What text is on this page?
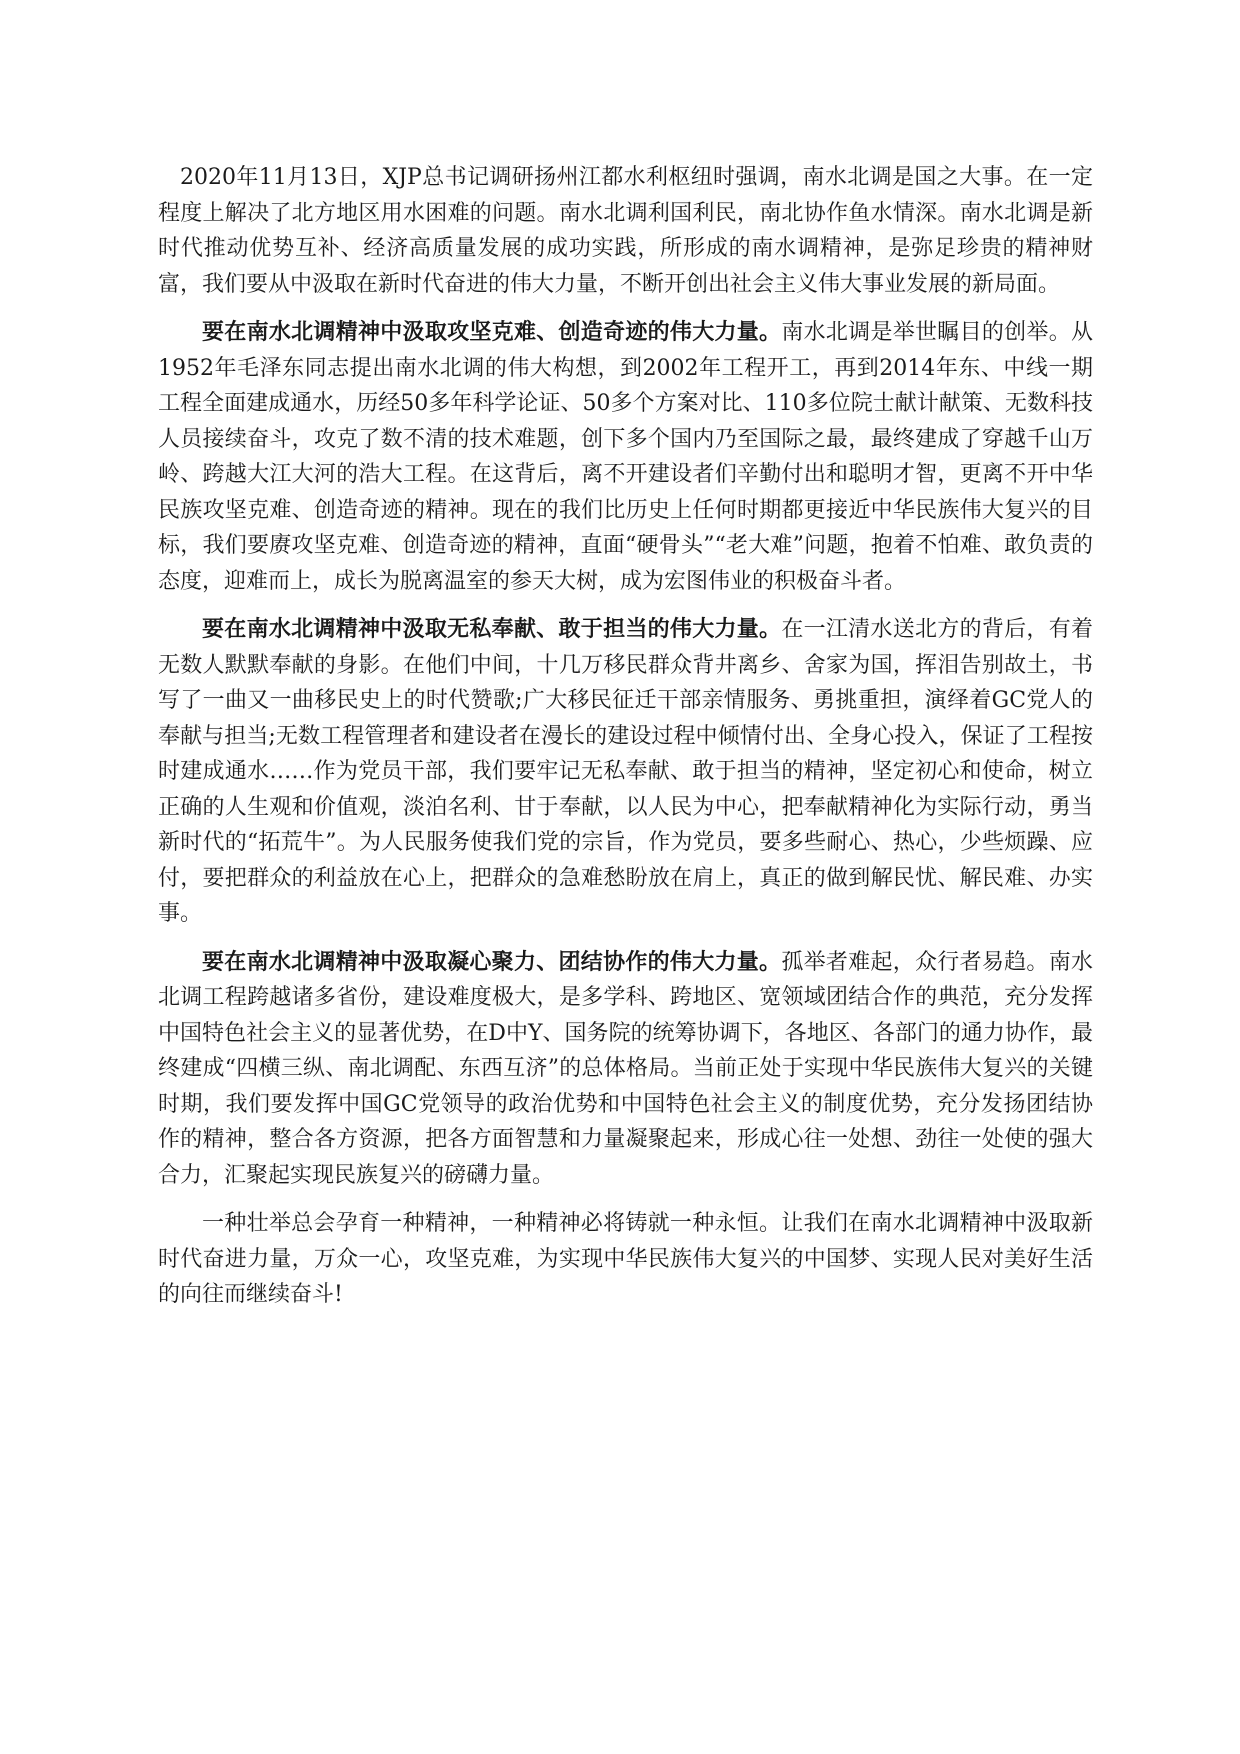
2020年11月13日，XJP总书记调研扬州江都水利枢纽时强调，南水北调是国之大事。在一定程度上解决了北方地区用水困难的问题。南水北调利国利民，南北协作鱼水情深。南水北调是新时代推动优势互补、经济高质量发展的成功实践，所形成的南水调精神，是弥足珍贵的精神财富，我们要从中汲取在新时代奋进的伟大力量，不断开创出社会主义伟大事业发展的新局面。

要在南水北调精神中汲取攻坚克难、创造奇迹的伟大力量。南水北调是举世瞩目的创举。从1952年毛泽东同志提出南水北调的伟大构想，到2002年工程开工，再到2014年东、中线一期工程全面建成通水，历经50多年科学论证、50多个方案对比、110多位院士献计献策、无数科技人员接续奋斗，攻克了数不清的技术难题，创下多个国内乃至国际之最，最终建成了穿越千山万岭、跨越大江大河的浩大工程。在这背后，离不开建设者们辛勤付出和聪明才智，更离不开中华民族攻坚克难、创造奇迹的精神。现在的我们比历史上任何时期都更接近中华民族伟大复兴的目标，我们要赓攻坚克难、创造奇迹的精神，直面“硬骨头”“老大难”问题，抱着不怕难、敢负责的态度，迎难而上，成长为脱离温室的参天大树，成为宏图伟业的积极奋斗者。

要在南水北调精神中汲取无私奉献、敢于担当的伟大力量。在一江清水送北方的背后，有着无数人默默奉献的身影。在他们中间，十几万移民群众背井离乡、舍家为国，挥泪告别故土，书写了一曲又一曲移民史上的时代赞歌;广大移民征迁干部亲情服务、勇挑重担，演绎着GC党人的奉献与担当;无数工程管理者和建设者在漫长的建设过程中倾情付出、全身心投入，保证了工程按时建成通水……作为党员干部，我们要牢记无私奉献、敢于担当的精神，坚定初心和使命，树立正确的人生观和价值观，淡泊名利、甘于奉献，以人民为中心，把奉献精神化为实际行动，勇当新时代的“拓荒牛”。为人民服务使我们党的宗旨，作为党员，要多些耐心、热心，少些烦躁、应付，要把群众的利益放在心上，把群众的急难愁盼放在肩上，真正的做到解民忧、解民难、办实事。

要在南水北调精神中汲取凝心聚力、团结协作的伟大力量。孤举者难起，众行者易趋。南水北调工程跨越诸多省份，建设难度极大，是多学科、跨地区、宽领域团结合作的典范，充分发挥中国特色社会主义的显著优势，在D中Y、国务院的统筹协调下，各地区、各部门的通力协作，最终建成“四横三纵、南北调配、东西互济”的总体格局。当前正处于实现中华民族伟大复兴的关键时期，我们要发挥中国GC党领导的政治优势和中国特色社会主义的制度优势，充分发扬团结协作的精神，整合各方资源，把各方面智慧和力量凝聚起来，形成心往一处想、劲往一处使的强大合力，汇聚起实现民族复兴的磅礴力量。

一种壮举总会孕育一种精神，一种精神必将铸就一种永恒。让我们在南水北调精神中汲取新时代奋进力量，万众一心，攻坚克难，为实现中华民族伟大复兴的中国梦、实现人民对美好生活的向往而继续奋斗!
